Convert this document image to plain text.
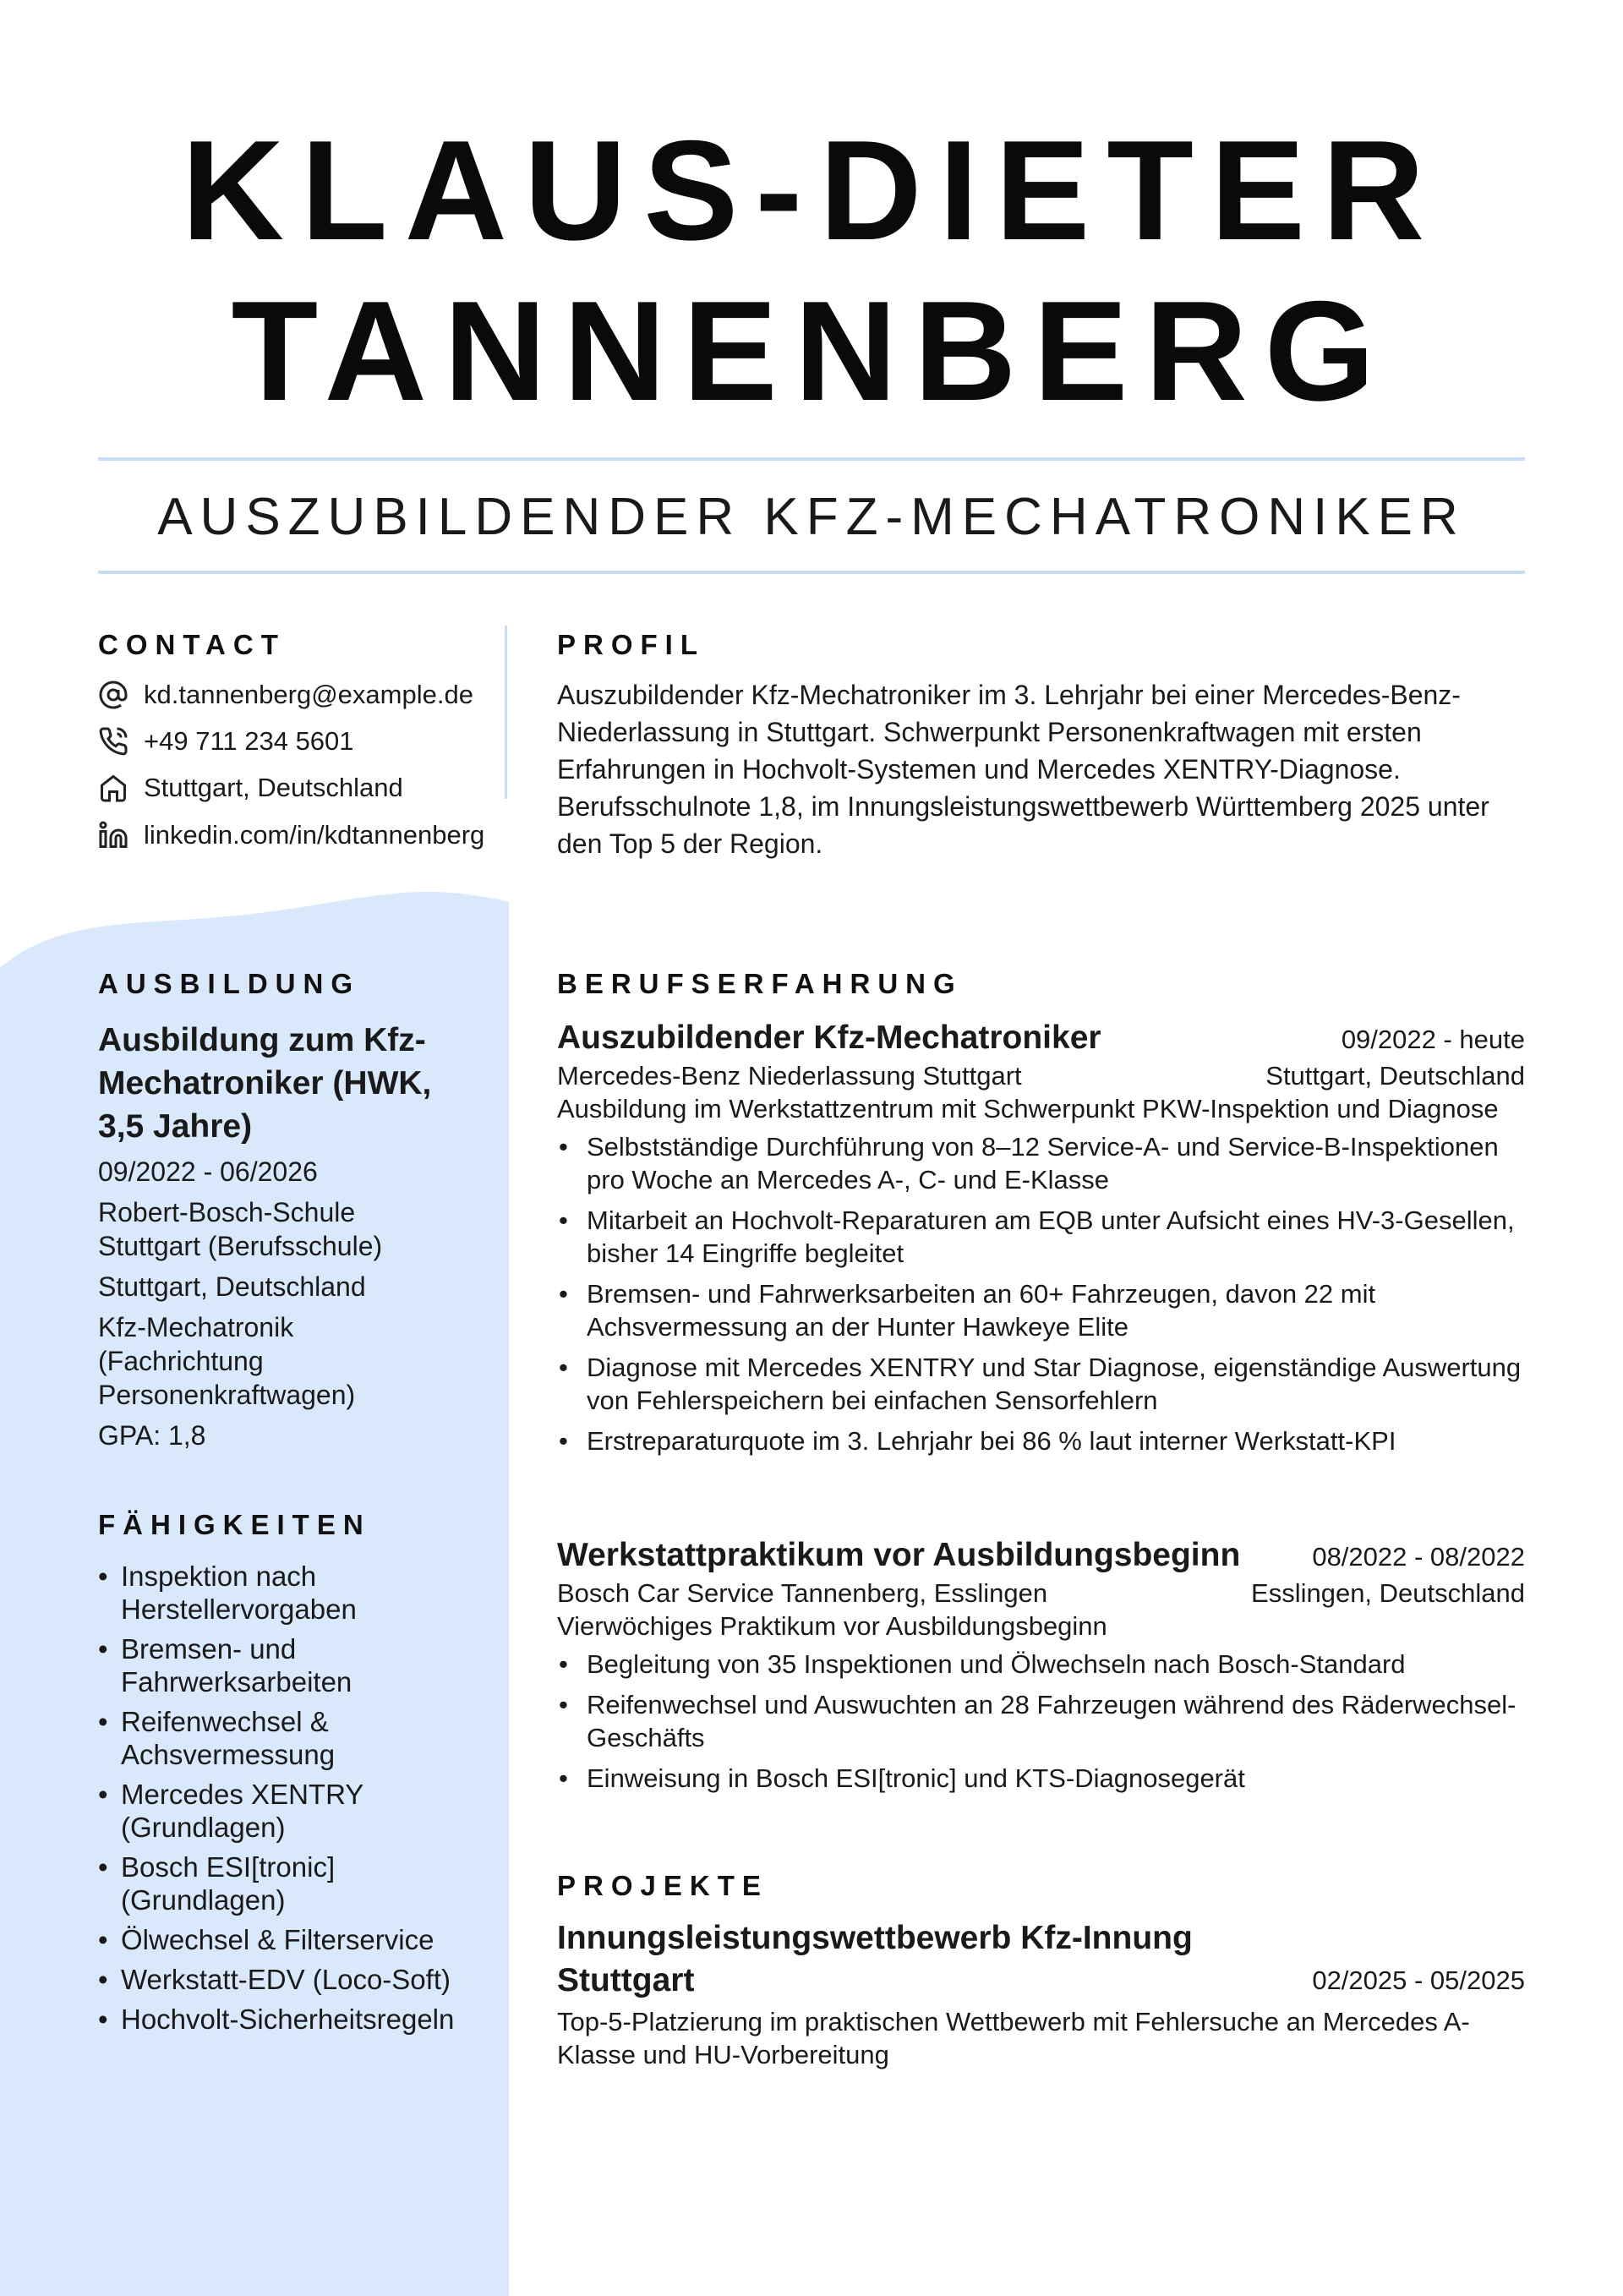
KLAUS-DIETER
TANNENBERG
AUSZUBILDENDER KFZ-MECHATRONIKER
CONTACT
kd.tannenberg@example.de
+49 711 234 5601
Stuttgart, Deutschland
linkedin.com/in/kdtannenberg
AUSBILDUNG
Ausbildung zum Kfz-Mechatroniker (HWK, 3,5 Jahre)
09/2022 - 06/2026
Robert-Bosch-Schule Stuttgart (Berufsschule)
Stuttgart, Deutschland
Kfz-Mechatronik (Fachrichtung Personenkraftwagen)
GPA: 1,8
FÄHIGKEITEN
• Inspektion nach Herstellervorgaben
• Bremsen- und Fahrwerksarbeiten
• Reifenwechsel & Achsvermessung
• Mercedes XENTRY (Grundlagen)
• Bosch ESI[tronic] (Grundlagen)
• Ölwechsel & Filterservice
• Werkstatt-EDV (Loco-Soft)
• Hochvolt-Sicherheitsregeln
PROFIL
Auszubildender Kfz-Mechatroniker im 3. Lehrjahr bei einer Mercedes-Benz-Niederlassung in Stuttgart. Schwerpunkt Personenkraftwagen mit ersten Erfahrungen in Hochvolt-Systemen und Mercedes XENTRY-Diagnose. Berufsschulnote 1,8, im Innungsleistungswettbewerb Württemberg 2025 unter den Top 5 der Region.
BERUFSERFAHRUNG
Auszubildender Kfz-Mechatroniker	09/2022 - heute
Mercedes-Benz Niederlassung Stuttgart	Stuttgart, Deutschland
Ausbildung im Werkstattzentrum mit Schwerpunkt PKW-Inspektion und Diagnose
• Selbstständige Durchführung von 8–12 Service-A- und Service-B-Inspektionen pro Woche an Mercedes A-, C- und E-Klasse
• Mitarbeit an Hochvolt-Reparaturen am EQB unter Aufsicht eines HV-3-Gesellen, bisher 14 Eingriffe begleitet
• Bremsen- und Fahrwerksarbeiten an 60+ Fahrzeugen, davon 22 mit Achsvermessung an der Hunter Hawkeye Elite
• Diagnose mit Mercedes XENTRY und Star Diagnose, eigenständige Auswertung von Fehlerspeichern bei einfachen Sensorfehlern
• Erstreparaturquote im 3. Lehrjahr bei 86 % laut interner Werkstatt-KPI
Werkstattpraktikum vor Ausbildungsbeginn	08/2022 - 08/2022
Bosch Car Service Tannenberg, Esslingen	Esslingen, Deutschland
Vierwöchiges Praktikum vor Ausbildungsbeginn
• Begleitung von 35 Inspektionen und Ölwechseln nach Bosch-Standard
• Reifenwechsel und Auswuchten an 28 Fahrzeugen während des Räderwechsel-Geschäfts
• Einweisung in Bosch ESI[tronic] und KTS-Diagnosegerät
PROJEKTE
Innungsleistungswettbewerb Kfz-Innung Stuttgart	02/2025 - 05/2025
Top-5-Platzierung im praktischen Wettbewerb mit Fehlersuche an Mercedes A-Klasse und HU-Vorbereitung
